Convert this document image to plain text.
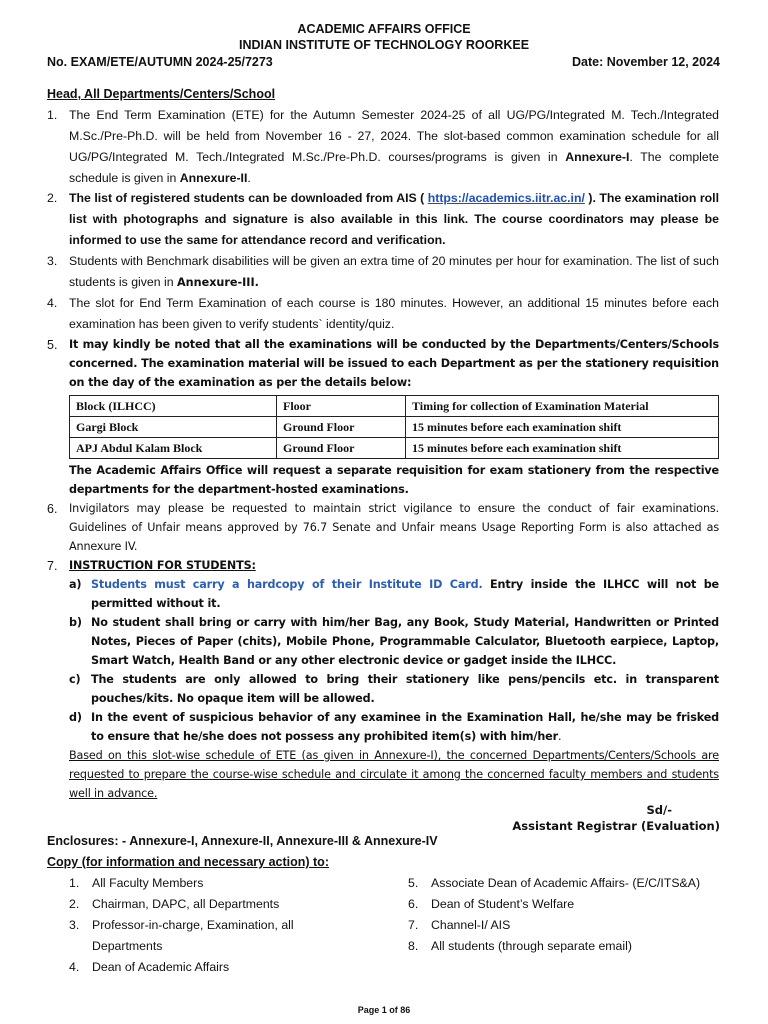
ACADEMIC AFFAIRS OFFICE
INDIAN INSTITUTE OF TECHNOLOGY ROORKEE
No. EXAM/ETE/AUTUMN 2024-25/7273	Date: November 12, 2024
Head, All Departments/Centers/School
1. The End Term Examination (ETE) for the Autumn Semester 2024-25 of all UG/PG/Integrated M. Tech./Integrated M.Sc./Pre-Ph.D. will be held from November 16 - 27, 2024. The slot-based common examination schedule for all UG/PG/Integrated M. Tech./Integrated M.Sc./Pre-Ph.D. courses/programs is given in Annexure-I. The complete schedule is given in Annexure-II.
2. The list of registered students can be downloaded from AIS ( https://academics.iitr.ac.in/ ). The examination roll list with photographs and signature is also available in this link. The course coordinators may please be informed to use the same for attendance record and verification.
3. Students with Benchmark disabilities will be given an extra time of 20 minutes per hour for examination. The list of such students is given in Annexure-III.
4. The slot for End Term Examination of each course is 180 minutes. However, an additional 15 minutes before each examination has been given to verify students` identity/quiz.
5.	It may kindly be noted that all the examinations will be conducted by the Departments/Centers/Schools concerned. The examination material will be issued to each Department as per the stationery requisition on the day of the examination as per the details below:
Block (ILHCC)	Floor	Timing for collection of Examination Material
Gargi Block	Ground Floor	15 minutes before each examination shift
APJ Abdul Kalam Block	Ground Floor	15 minutes before each examination shift
The Academic Affairs Office will request a separate requisition for exam stationery from the respective departments for the department-hosted examinations.
6.	Invigilators may please be requested to maintain strict vigilance to ensure the conduct of fair examinations. Guidelines of Unfair means approved by 76.7 Senate and Unfair means Usage Reporting Form is also attached as Annexure IV.
7.	INSTRUCTION FOR STUDENTS:
a) Students must carry a hardcopy of their Institute ID Card. Entry inside the ILHCC will not be permitted without it.
b) No student shall bring or carry with him/her Bag, any Book, Study Material, Handwritten or Printed Notes, Pieces of Paper (chits), Mobile Phone, Programmable Calculator, Bluetooth earpiece, Laptop, Smart Watch, Health Band or any other electronic device or gadget inside the ILHCC.
c) The students are only allowed to bring their stationery like pens/pencils etc. in transparent pouches/kits. No opaque item will be allowed.
d) In the event of suspicious behavior of any examinee in the Examination Hall, he/she may be frisked to ensure that he/she does not possess any prohibited item(s) with him/her.
Based on this slot-wise schedule of ETE (as given in Annexure-I), the concerned Departments/Centers/Schools are requested to prepare the course-wise schedule and circulate it among the concerned faculty members and students well in advance.
Sd/-
Assistant Registrar (Evaluation)
Enclosures: - Annexure-I, Annexure-II, Annexure-III & Annexure-IV
Copy (for information and necessary action) to:
1. All Faculty Members
2. Chairman, DAPC, all Departments
3. Professor-in-charge, Examination, all Departments
4. Dean of Academic Affairs
5. Associate Dean of Academic Affairs- (E/C/ITS&A)
6. Dean of Student’s Welfare
7. Channel-I/ AIS
8. All students (through separate email)
Page 1 of 86
